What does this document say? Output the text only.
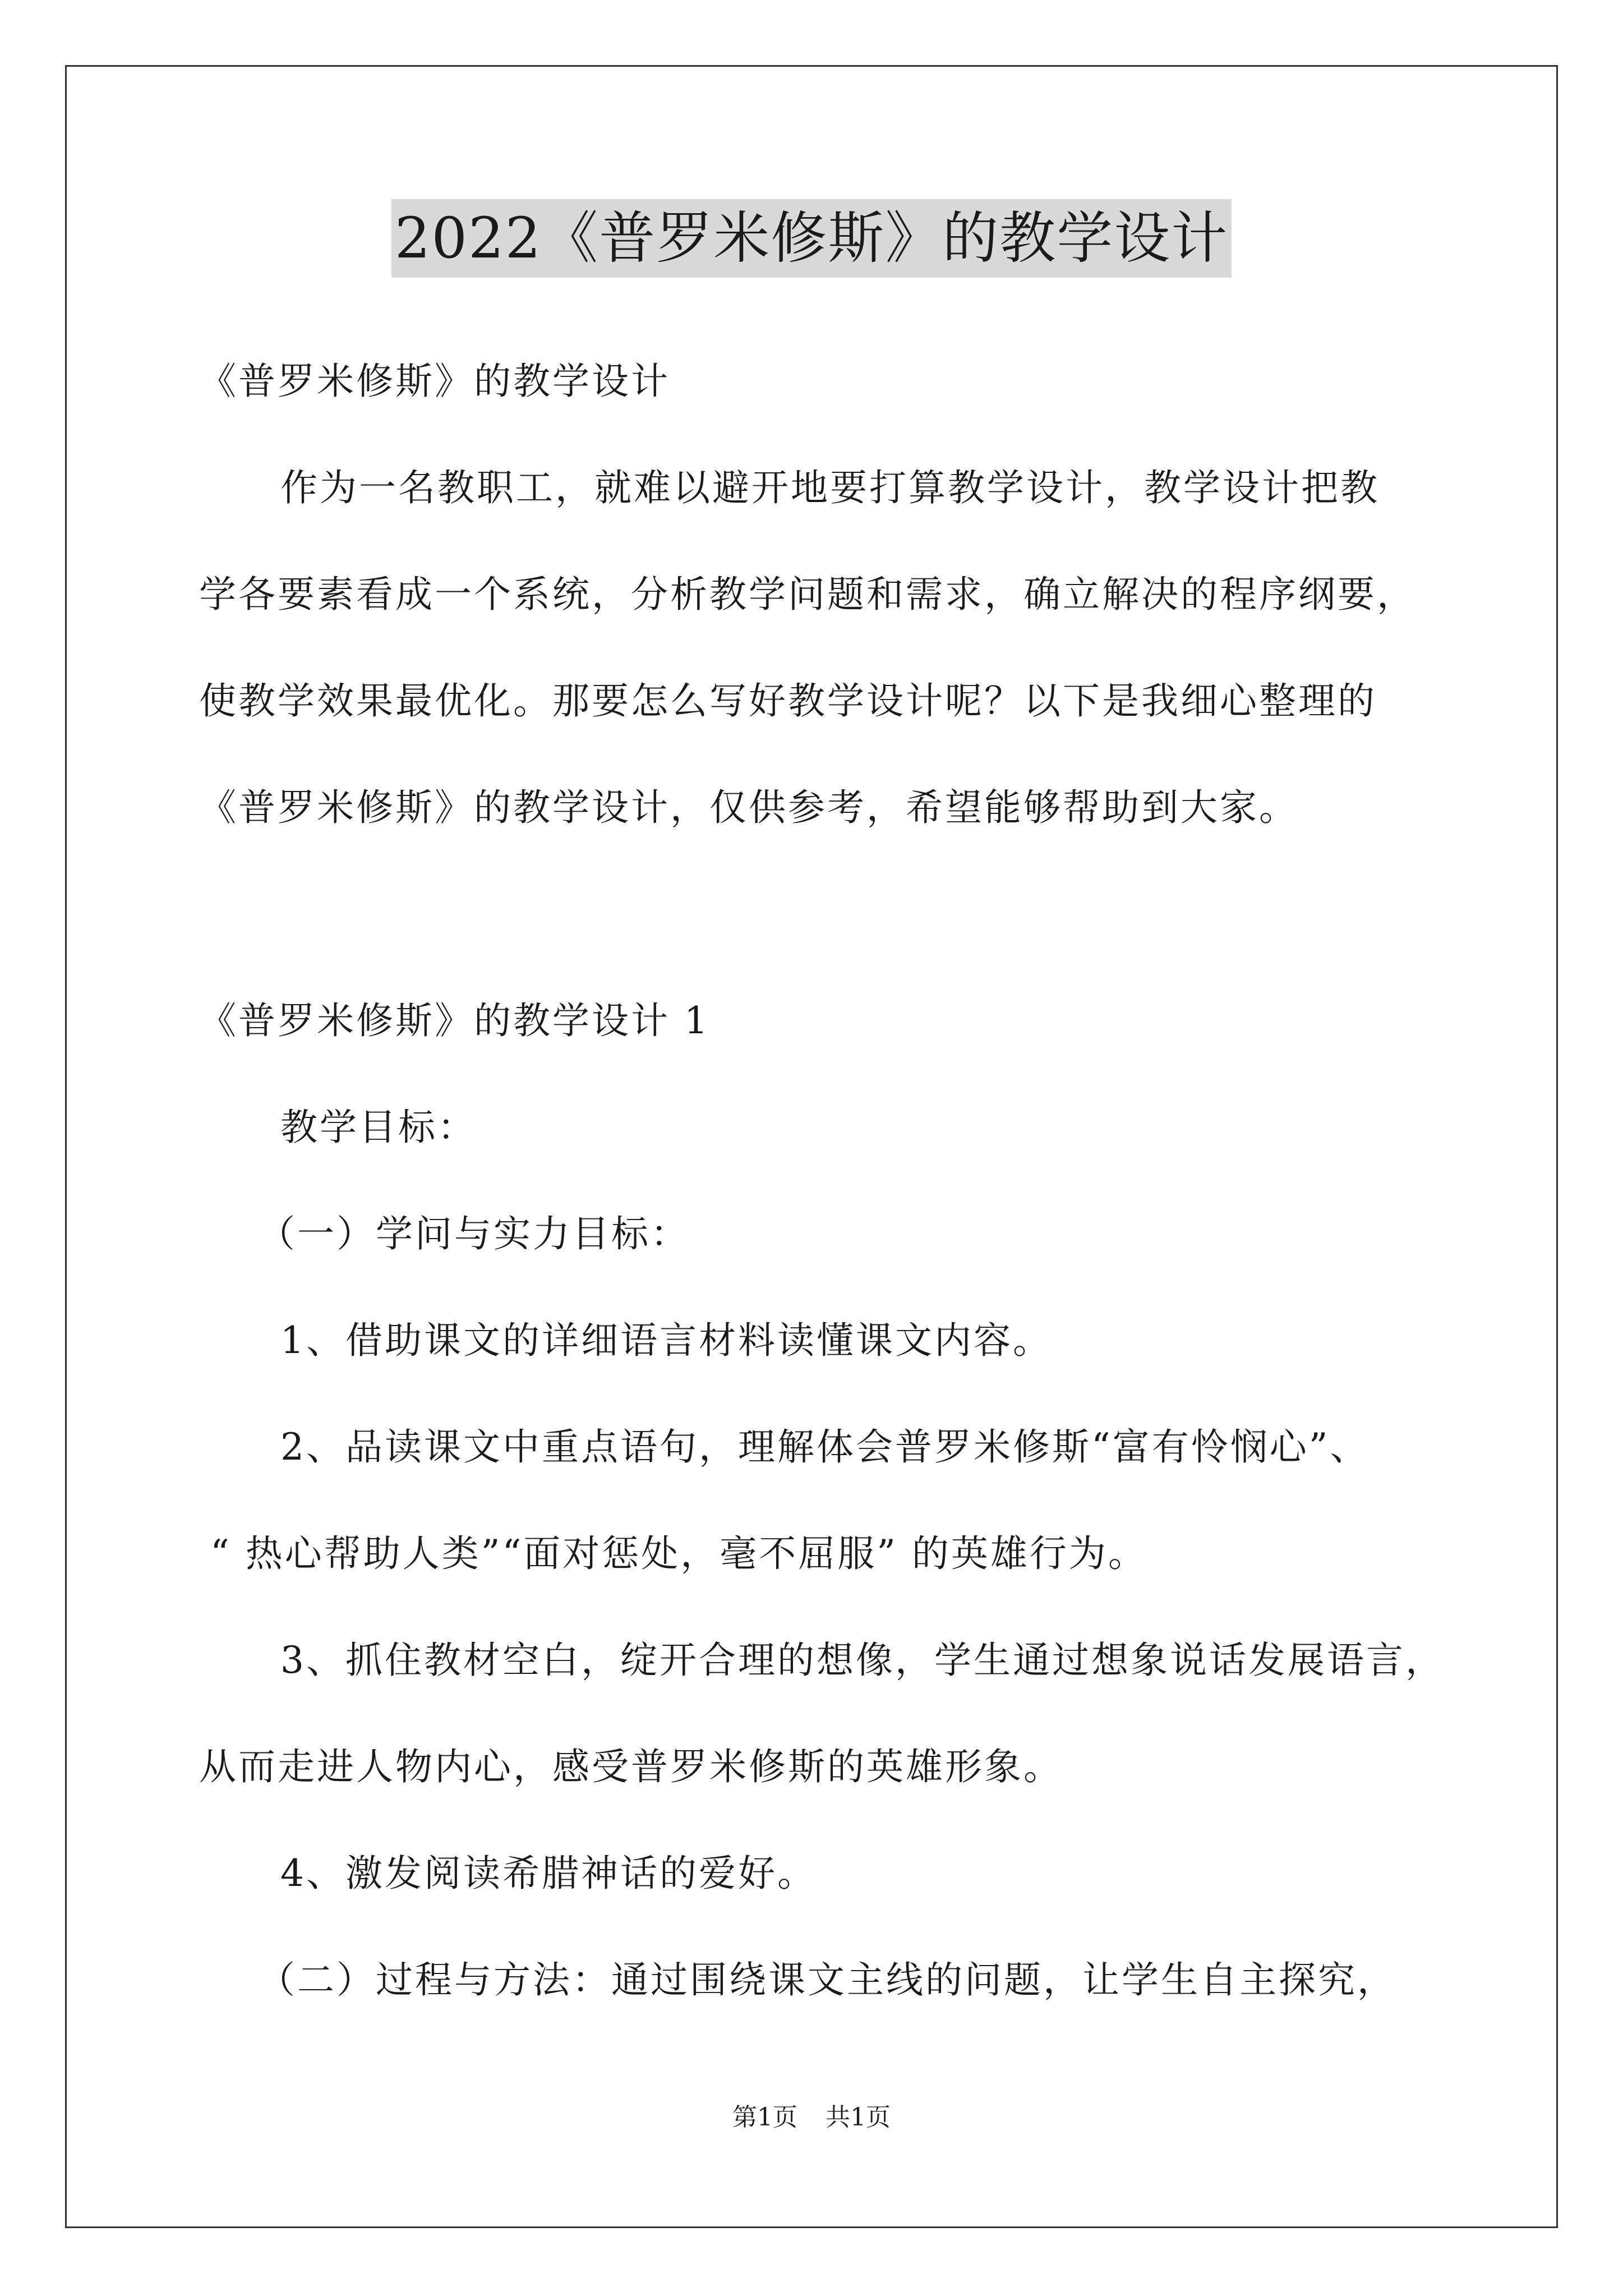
2022《普罗米修斯》的教学设计
《普罗米修斯》的教学设计
作为一名教职工，就难以避开地要打算教学设计，教学设计把教
学各要素看成一个系统，分析教学问题和需求，确立解决的程序纲要，
使教学效果最优化。那要怎么写好教学设计呢？以下是我细心整理的
《普罗米修斯》的教学设计，仅供参考，希望能够帮助到大家。
《普罗米修斯》的教学设计 1
教学目标：
（一）学问与实力目标：
1、借助课文的详细语言材料读懂课文内容。
2、品读课文中重点语句，理解体会普罗米修斯“富有怜悯心”、
“ 热心帮助人类”“面对惩处，毫不屈服” 的英雄行为。
3、抓住教材空白，绽开合理的想像，学生通过想象说话发展语言，
从而走进人物内心，感受普罗米修斯的英雄形象。
4、激发阅读希腊神话的爱好。
（二）过程与方法：通过围绕课文主线的问题，让学生自主探究，
第1页 共1页
